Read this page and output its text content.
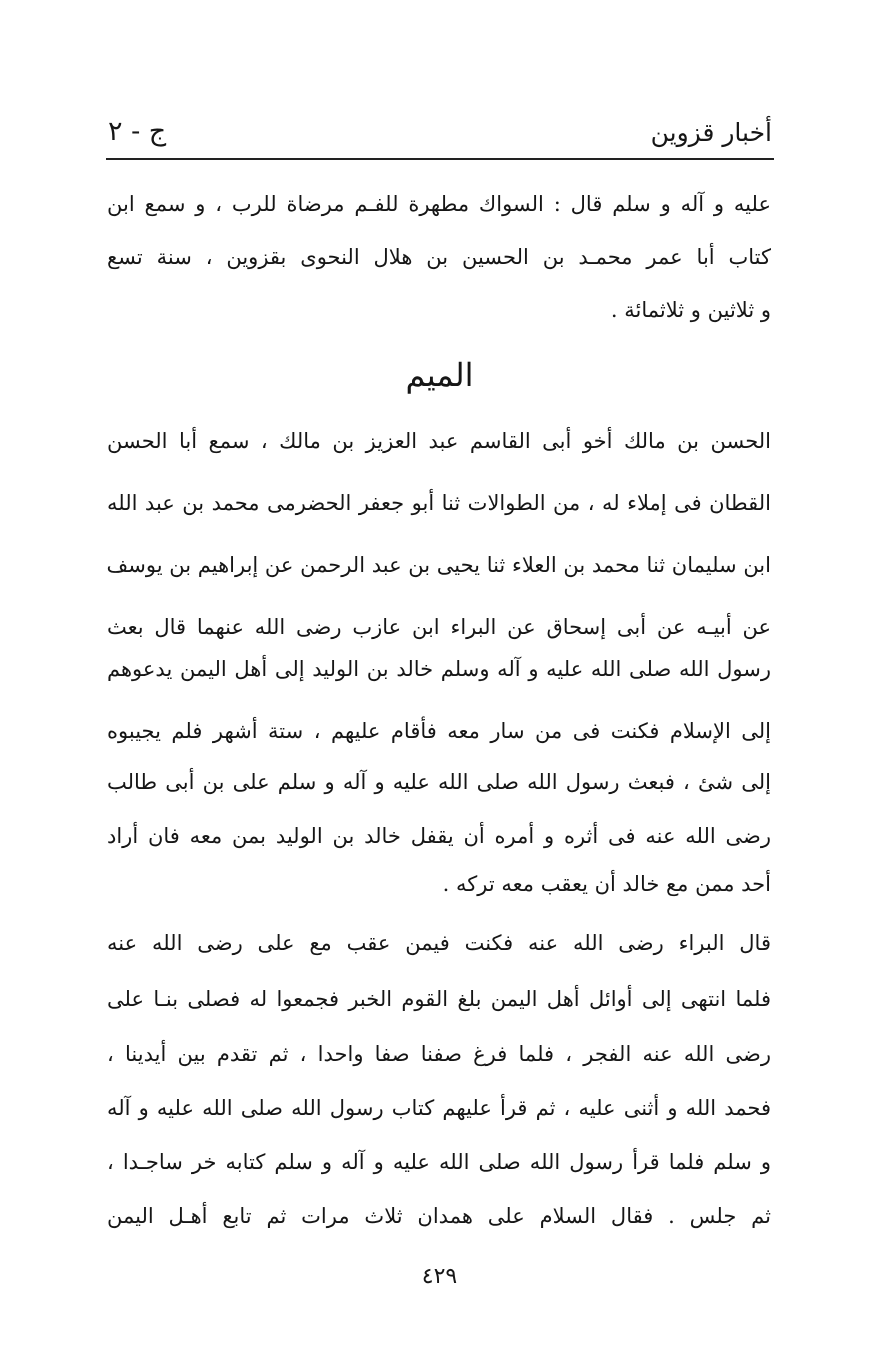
أخبار قزوين
ج - ٢
عليه و آله و سلم قال : السواك مطهرة للفـم مرضاة للرب ، و سمع ابن
كتاب أبا عمر محمـد بن الحسين بن هلال النحوى بقزوين ، سنة تسع
و ثلاثين و ثلاثمائة .
الميم
الحسن بن مالك أخو أبى القاسم عبد العزيز بن مالك ، سمع أبا الحسن
القطان فى إملاء له ، من الطوالات ثنا أبو جعفر الحضرمى محمد بن عبد الله
ابن سليمان ثنا محمد بن العلاء ثنا يحيى بن عبد الرحمن عن إبراهيم بن يوسف
عن أبيـه عن أبى إسحاق عن البراء ابن عازب رضى الله عنهما قال بعث
رسول الله صلى الله عليه و آله وسلم خالد بن الوليد إلى أهل اليمن يدعوهم
إلى الإسلام فكنت فى من سار معه فأقام عليهم ، ستة أشهر فلم يجيبوه
إلى شئ ، فبعث رسول الله صلى الله عليه و آله و سلم على بن أبى طالب
رضى الله عنه فى أثره و أمره أن يقفل خالد بن الوليد بمن معه فان أراد
أحد ممن مع خالد أن يعقب معه تركه .
قال البراء رضى الله عنه فكنت فيمن عقب مع على رضى الله عنه
فلما انتهى إلى أوائل أهل اليمن بلغ القوم الخبر فجمعوا له فصلى بنـا على
رضى الله عنه الفجر ، فلما فرغ صفنا صفا واحدا ، ثم تقدم بين أيدينا ،
فحمد الله و أثنى عليه ، ثم قرأ عليهم كتاب رسول الله صلى الله عليه و آله
و سلم فلما قرأ رسول الله صلى الله عليه و آله و سلم كتابه خر ساجـدا ،
ثم جلس . فقال السلام على همدان ثلاث مرات ثم تابع أهـل اليمن
٤٢٩
